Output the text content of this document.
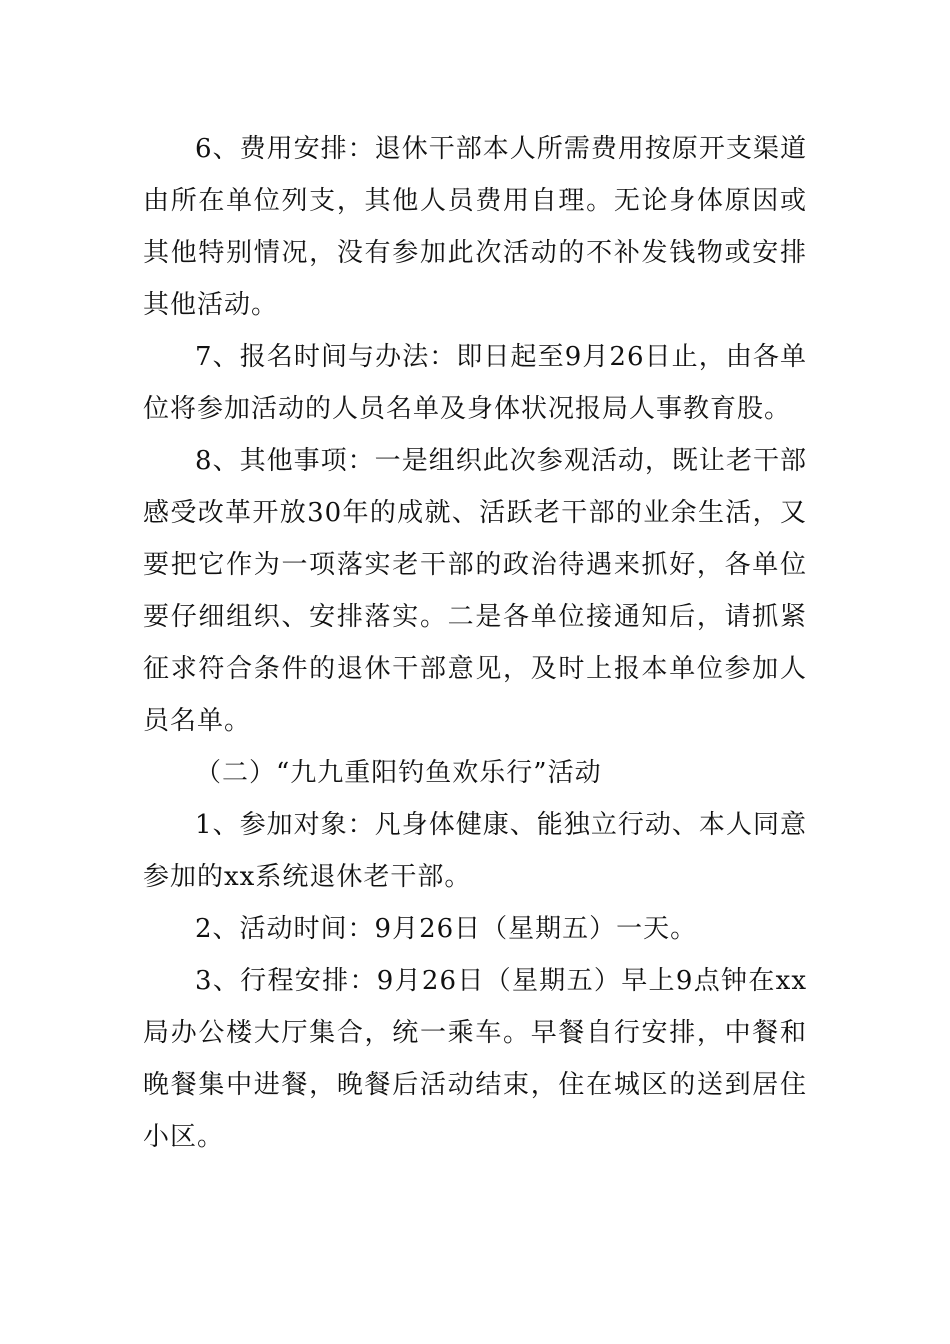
6、费用安排：退休干部本人所需费用按原开支渠道由所在单位列支，其他人员费用自理。无论身体原因或其他特别情况，没有参加此次活动的不补发钱物或安排其他活动。

7、报名时间与办法：即日起至9月26日止，由各单位将参加活动的人员名单及身体状况报局人事教育股。

8、其他事项：一是组织此次参观活动，既让老干部感受改革开放30年的成就、活跃老干部的业余生活，又要把它作为一项落实老干部的政治待遇来抓好，各单位要仔细组织、安排落实。二是各单位接通知后，请抓紧征求符合条件的退休干部意见，及时上报本单位参加人员名单。

（二）“九九重阳钓鱼欢乐行”活动

1、参加对象：凡身体健康、能独立行动、本人同意参加的xx系统退休老干部。

2、活动时间：9月26日（星期五）一天。

3、行程安排：9月26日（星期五）早上9点钟在xx局办公楼大厅集合，统一乘车。早餐自行安排，中餐和晚餐集中进餐，晚餐后活动结束，住在城区的送到居住小区。
